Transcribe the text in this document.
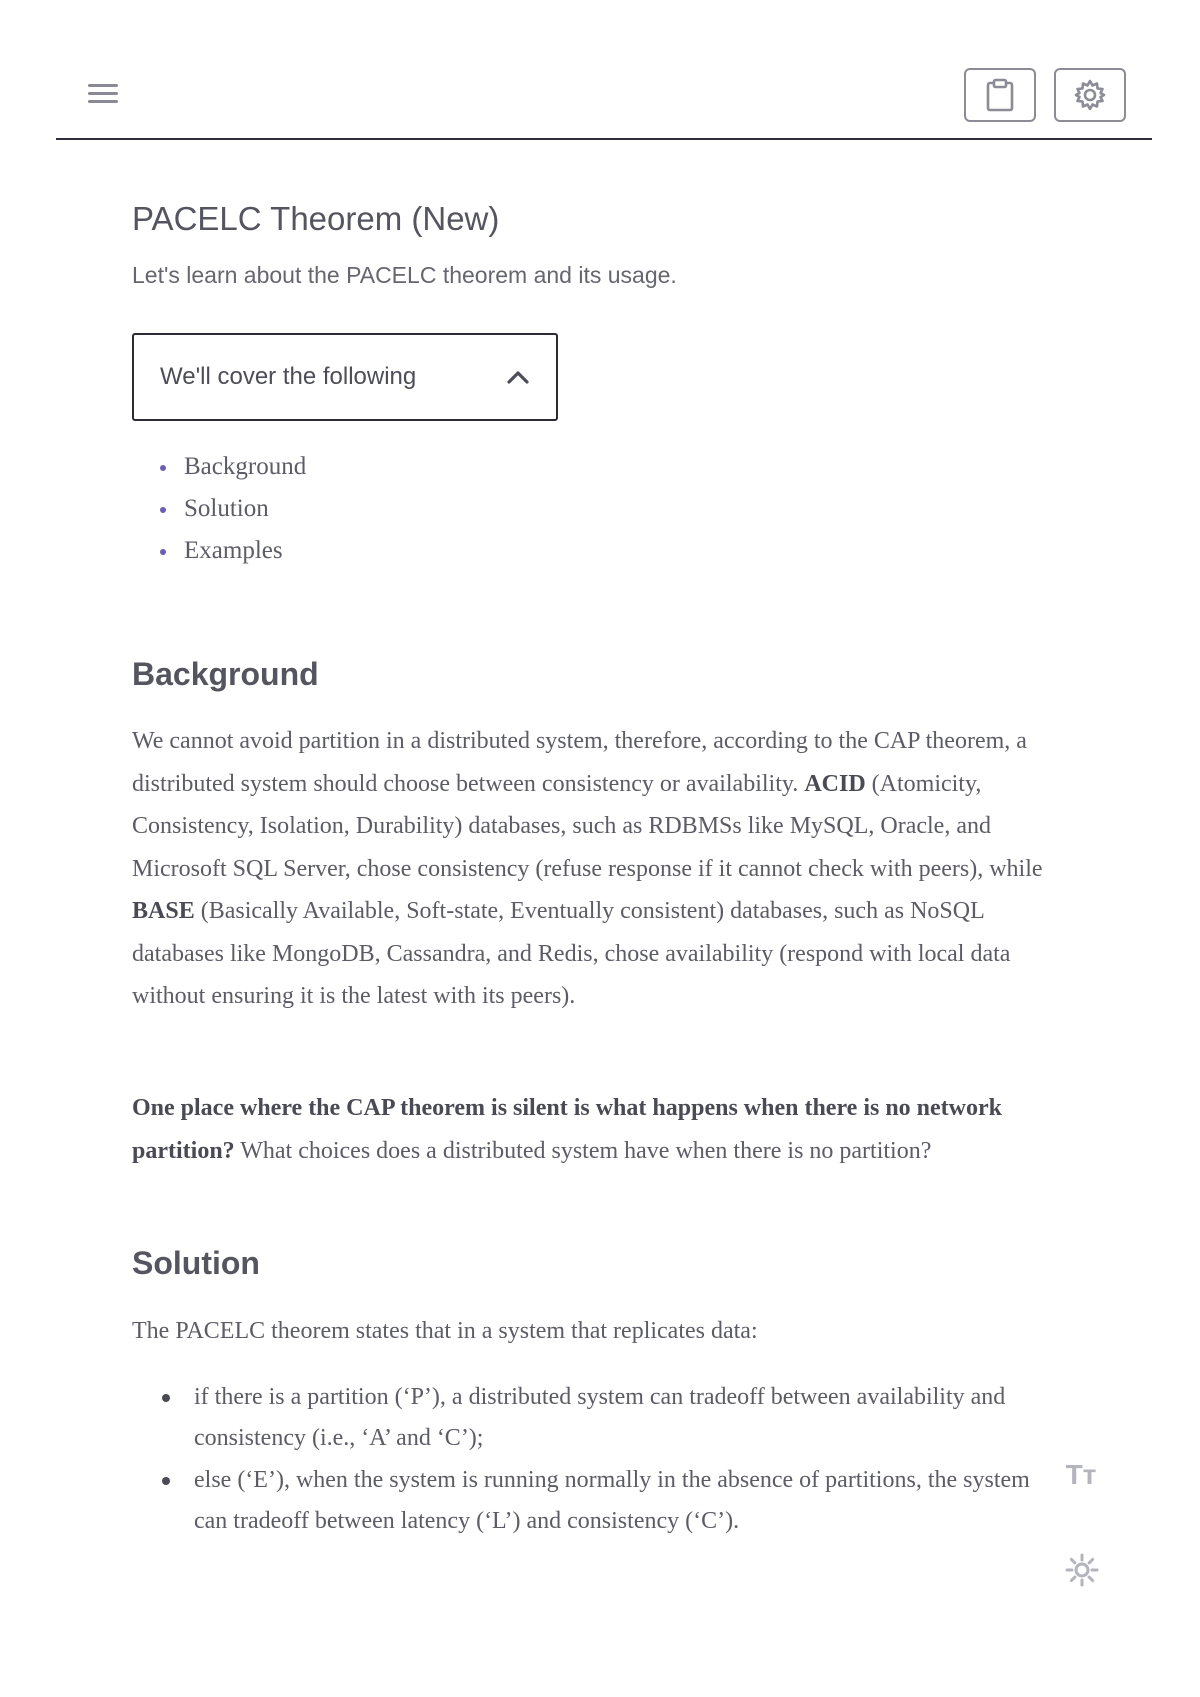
PACELC Theorem (New)

Let's learn about the PACELC theorem and its usage.

We'll cover the following
Background
Solution
Examples
Background

We cannot avoid partition in a distributed system, therefore, according to the CAP theorem, a distributed system should choose between consistency or availability. ACID (Atomicity, Consistency, Isolation, Durability) databases, such as RDBMSs like MySQL, Oracle, and Microsoft SQL Server, chose consistency (refuse response if it cannot check with peers), while BASE (Basically Available, Soft-state, Eventually consistent) databases, such as NoSQL databases like MongoDB, Cassandra, and Redis, chose availability (respond with local data without ensuring it is the latest with its peers).

One place where the CAP theorem is silent is what happens when there is no network partition? What choices does a distributed system have when there is no partition?

Solution

The PACELC theorem states that in a system that replicates data:

if there is a partition (‘P’), a distributed system can tradeoff between availability and consistency (i.e., ‘A’ and ‘C’);
else (‘E’), when the system is running normally in the absence of partitions, the system can tradeoff between latency (‘L’) and consistency (‘C’).
Tт
